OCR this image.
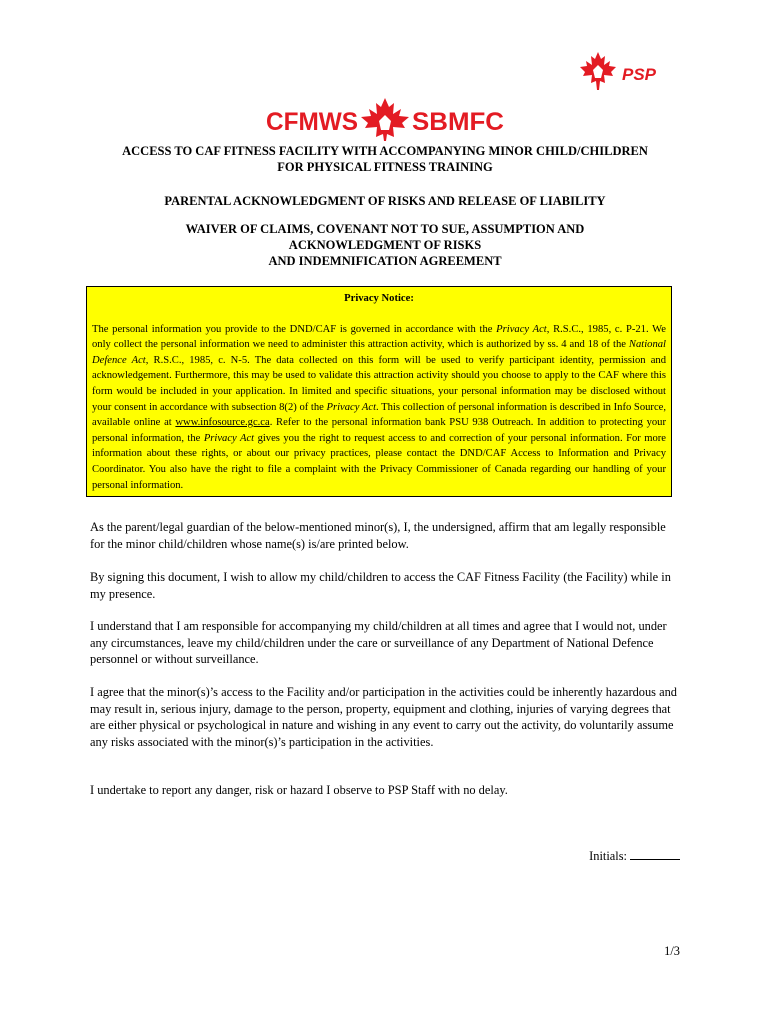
PSP
CFMWS SBMFC
ACCESS TO CAF FITNESS FACILITY WITH ACCOMPANYING MINOR CHILD/CHILDREN
FOR PHYSICAL FITNESS TRAINING
PARENTAL ACKNOWLEDGMENT OF RISKS AND RELEASE OF LIABILITY
WAIVER OF CLAIMS, COVENANT NOT TO SUE, ASSUMPTION AND
ACKNOWLEDGMENT OF RISKS
AND INDEMNIFICATION AGREEMENT
Privacy Notice:
The personal information you provide to the DND/CAF is governed in accordance with the Privacy Act, R.S.C., 1985, c. P-21. We only collect the personal information we need to administer this attraction activity, which is authorized by ss. 4 and 18 of the National Defence Act, R.S.C., 1985, c. N-5. The data collected on this form will be used to verify participant identity, permission and acknowledgement. Furthermore, this may be used to validate this attraction activity should you choose to apply to the CAF where this form would be included in your application. In limited and specific situations, your personal information may be disclosed without your consent in accordance with subsection 8(2) of the Privacy Act. This collection of personal information is described in Info Source, available online at www.infosource.gc.ca. Refer to the personal information bank PSU 938 Outreach. In addition to protecting your personal information, the Privacy Act gives you the right to request access to and correction of your personal information. For more information about these rights, or about our privacy practices, please contact the DND/CAF Access to Information and Privacy Coordinator. You also have the right to file a complaint with the Privacy Commissioner of Canada regarding our handling of your personal information.
As the parent/legal guardian of the below-mentioned minor(s), I, the undersigned, affirm that am legally responsible for the minor child/children whose name(s) is/are printed below.
By signing this document, I wish to allow my child/children to access the CAF Fitness Facility (the Facility) while in my presence.
I understand that I am responsible for accompanying my child/children at all times and agree that I would not, under any circumstances, leave my child/children under the care or surveillance of any Department of National Defence personnel or without surveillance.
I agree that the minor(s)’s access to the Facility and/or participation in the activities could be inherently hazardous and may result in, serious injury, damage to the person, property, equipment and clothing, injuries of varying degrees that are either physical or psychological in nature and wishing in any event to carry out the activity, do voluntarily assume any risks associated with the minor(s)’s participation in the activities.
I undertake to report any danger, risk or hazard I observe to PSP Staff with no delay.
Initials:
1/3
